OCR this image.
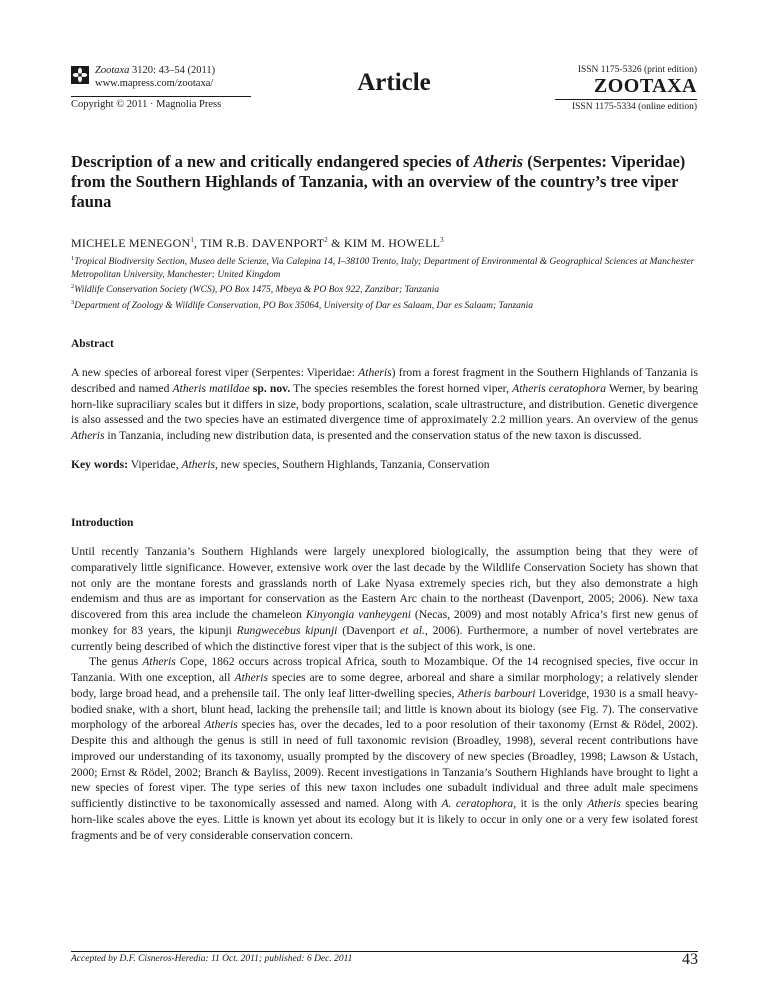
Zootaxa 3120: 43–54 (2011)
www.mapress.com/zootaxa/
Copyright © 2011 · Magnolia Press
Article	ISSN 1175-5326 (print edition)
ZOOTAXA
ISSN 1175-5334 (online edition)
Description of a new and critically endangered species of Atheris (Serpentes: Viperidae) from the Southern Highlands of Tanzania, with an overview of the country’s tree viper fauna
MICHELE MENEGON$^1$, TIM R.B. DAVENPORT$^2$ & KIM M. HOWELL$^3$
$^1$Tropical Biodiversity Section, Museo delle Scienze, Via Calepina 14, I–38100 Trento, Italy; Department of Environmental & Geographical Sciences at Manchester Metropolitan University, Manchester; United Kingdom
$^2$Wildlife Conservation Society (WCS), PO Box 1475, Mbeya & PO Box 922, Zanzibar; Tanzania
$^3$Department of Zoology & Wildlife Conservation, PO Box 35064, University of Dar es Salaam, Dar es Salaam; Tanzania
Abstract
A new species of arboreal forest viper (Serpentes: Viperidae: Atheris) from a forest fragment in the Southern Highlands of Tanzania is described and named Atheris matildae sp. nov. The species resembles the forest horned viper, Atheris ceratophora Werner, by bearing horn-like supraciliary scales but it differs in size, body proportions, scalation, scale ultrastructure, and distribution. Genetic divergence is also assessed and the two species have an estimated divergence time of approximately 2.2 million years. An overview of the genus Atheris in Tanzania, including new distribution data, is presented and the conservation status of the new taxon is discussed.
Key words: Viperidae, Atheris, new species, Southern Highlands, Tanzania, Conservation
Introduction

Until recently Tanzania’s Southern Highlands were largely unexplored biologically, the assumption being that they were of comparatively little significance. However, extensive work over the last decade by the Wildlife Conservation Society has shown that not only are the montane forests and grasslands north of Lake Nyasa extremely species rich, but they also demonstrate a high endemism and thus are as important for conservation as the Eastern Arc chain to the northeast (Davenport, 2005; 2006). New taxa discovered from this area include the chameleon Kinyongia vanheygeni (Necas, 2009) and most notably Africa’s first new genus of monkey for 83 years, the kipunji Rungwecebus kipunji (Davenport et al., 2006). Furthermore, a number of novel vertebrates are currently being described of which the distinctive forest viper that is the subject of this work, is one.

The genus Atheris Cope, 1862 occurs across tropical Africa, south to Mozambique. Of the 14 recognised species, five occur in Tanzania. With one exception, all Atheris species are to some degree, arboreal and share a similar morphology; a relatively slender body, large broad head, and a prehensile tail. The only leaf litter-dwelling species, Atheris barbouri Loveridge, 1930 is a small heavy-bodied snake, with a short, blunt head, lacking the prehensile tail; and little is known about its biology (see Fig. 7). The conservative morphology of the arboreal Atheris species has, over the decades, led to a poor resolution of their taxonomy (Ernst & Rödel, 2002). Despite this and although the genus is still in need of full taxonomic revision (Broadley, 1998), several recent contributions have improved our understanding of its taxonomy, usually prompted by the discovery of new species (Broadley, 1998; Lawson & Ustach, 2000; Ernst & Rödel, 2002; Branch & Bayliss, 2009). Recent investigations in Tanzania’s Southern Highlands have brought to light a new species of forest viper. The type series of this new taxon includes one subadult individual and three adult male specimens sufficiently distinctive to be taxonomically assessed and named. Along with A. ceratophora, it is the only Atheris species bearing horn-like scales above the eyes. Little is known yet about its ecology but it is likely to occur in only one or a very few isolated forest fragments and be of very considerable conservation concern.

Accepted by D.F. Cisneros-Heredia: 11 Oct. 2011; published: 6 Dec. 2011	43
